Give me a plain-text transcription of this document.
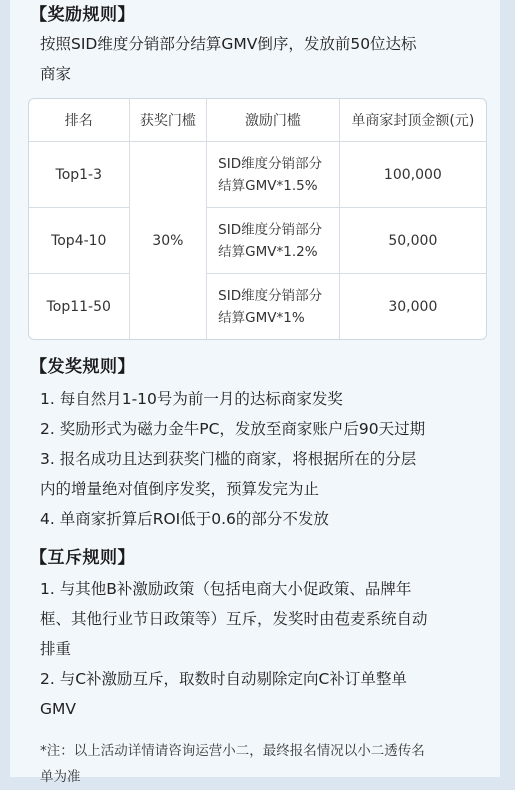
【奖励规则】

按照SID维度分销部分结算GMV倒序，发放前50位达标

商家

排名	获奖门槛	激励门槛	单商家封顶金额(元)
Top1-3	30%	SID维度分销部分
结算GMV*1.5%	100,000
Top4-10		SID维度分销部分
结算GMV*1.2%	50,000
Top11-50		SID维度分销部分
结算GMV*1%	30,000

【发奖规则】

1. 每自然月1-10号为前一月的达标商家发奖

2. 奖励形式为磁力金牛PC，发放至商家账户后90天过期

3. 报名成功且达到获奖门槛的商家，将根据所在的分层

内的增量绝对值倒序发奖，预算发完为止

4. 单商家折算后ROI低于0.6的部分不发放

【互斥规则】

1. 与其他B补激励政策（包括电商大小促政策、品牌年

框、其他行业节日政策等）互斥，发奖时由苞麦系统自动

排重

2. 与C补激励互斥，取数时自动剔除定向C补订单整单

GMV

*注：以上活动详情请咨询运营小二，最终报名情况以小二透传名
单为准
